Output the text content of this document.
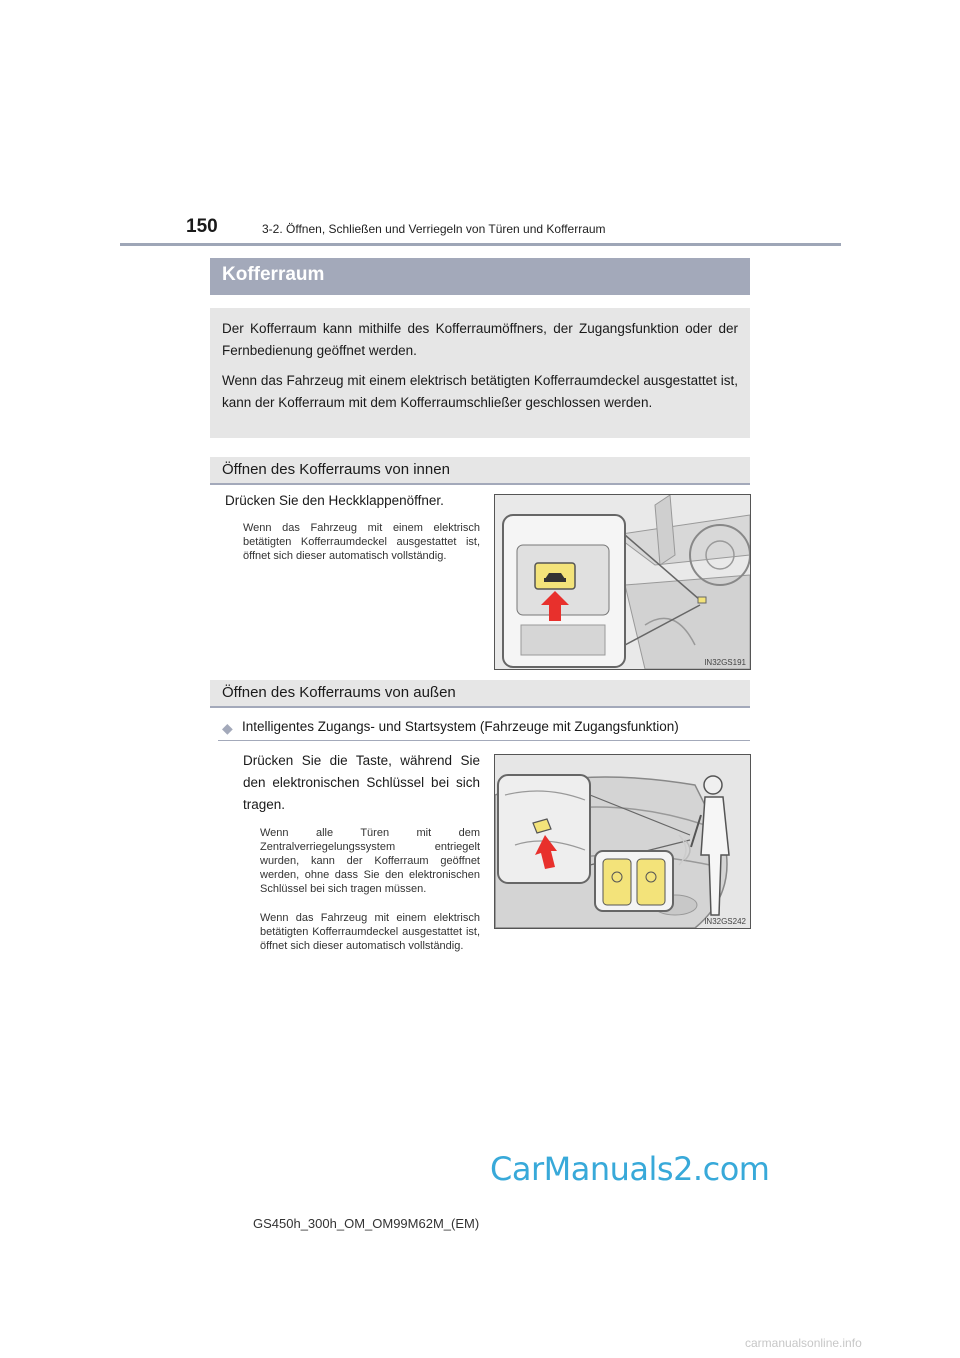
150	3-2. Öffnen, Schließen und Verriegeln von Türen und Kofferraum
Kofferraum

Der Kofferraum kann mithilfe des Kofferraumöffners, der Zugangsfunktion oder der Fernbedienung geöffnet werden.

Wenn das Fahrzeug mit einem elektrisch betätigten Kofferraumdeckel ausgestattet ist, kann der Kofferraum mit dem Kofferraumschließer geschlossen werden.

Öffnen des Kofferraums von innen
Drücken Sie den Heckklappenöffner.
Wenn das Fahrzeug mit einem elektrisch betätigten Kofferraumdeckel ausgestattet ist, öffnet sich dieser automatisch vollständig.
IN32GS191
Öffnen des Kofferraums von außen
◆ Intelligentes Zugangs- und Startsystem (Fahrzeuge mit Zugangsfunktion)
Drücken Sie die Taste, während Sie den elektronischen Schlüssel bei sich tragen.
Wenn alle Türen mit dem Zentralverriegelungssystem entriegelt wurden, kann der Kofferraum geöffnet werden, ohne dass Sie den elektronischen Schlüssel bei sich tragen müssen.
Wenn das Fahrzeug mit einem elektrisch betätigten Kofferraumdeckel ausgestattet ist, öffnet sich dieser automatisch vollständig.
IN32GS242
GS450h_300h_OM_OM99M62M_(EM)
CarManuals2.com
carmanualsonline.info
